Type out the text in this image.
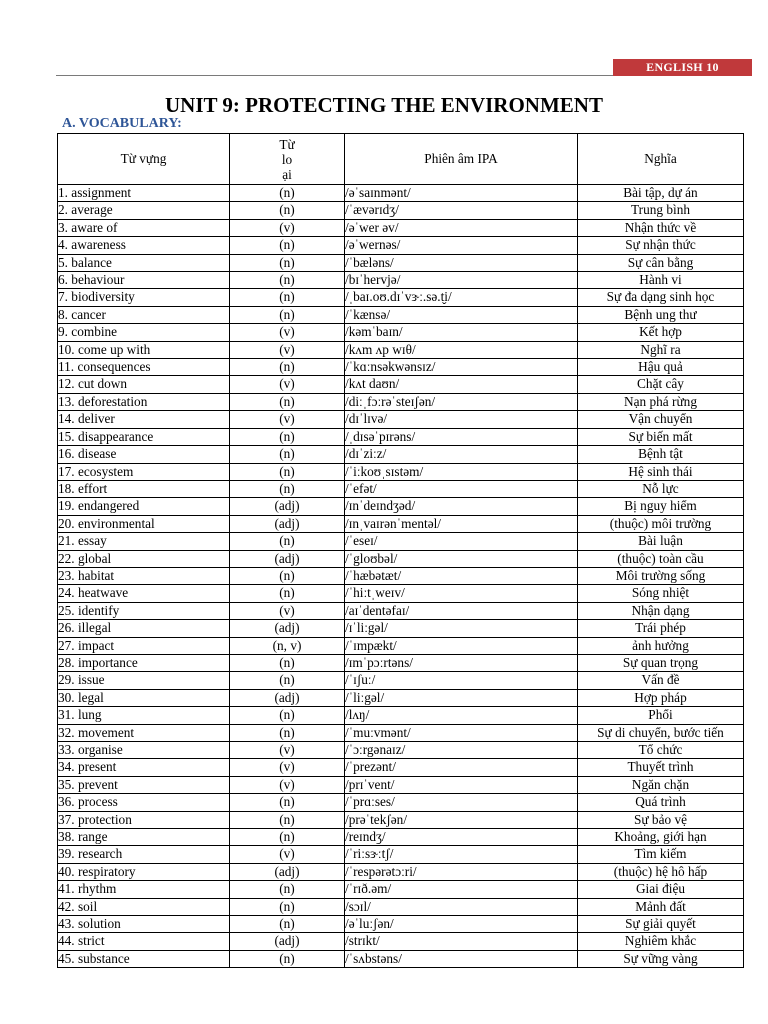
ENGLISH 10
UNIT 9: PROTECTING THE ENVIRONMENT
A. VOCABULARY:
Từ vựng	Từ
lo
ại	Phiên âm IPA	Nghĩa
1. assignment	(n)	/əˈsaɪnmənt/	Bài tập, dự án
2. average	(n)	/ˈævərɪdʒ/	Trung bình
3. aware of	(v)	/əˈwer əv/	Nhận thức về
4. awareness	(n)	/əˈwernəs/	Sự nhận thức
5. balance	(n)	/ˈbæləns/	Sự cân bằng
6. behaviour	(n)	/bɪˈhervjə/	Hành vi
7. biodiversity	(n)	/ˌbaɪ.oʊ.dɪˈvɝː.sə.t̬i/	Sự đa dạng sinh học
8. cancer	(n)	/ˈkænsə/	Bệnh ung thư
9. combine	(v)	/kəmˈbaɪn/	Kết hợp
10. come up with	(v)	/kʌm ʌp wɪθ/	Nghĩ ra
11. consequences	(n)	/ˈkɑːnsəkwənsɪz/	Hậu quả
12. cut down	(v)	/kʌt daʊn/	Chặt cây
13. deforestation	(n)	/diːˌfɔːrəˈsteɪʃən/	Nạn phá rừng
14. deliver	(v)	/dɪˈlɪvə/	Vận chuyển
15. disappearance	(n)	/ˌdɪsəˈpɪrəns/	Sự biến mất
16. disease	(n)	/dɪˈziːz/	Bệnh tật
17. ecosystem	(n)	/ˈiːkoʊˌsɪstəm/	Hệ sinh thái
18. effort	(n)	/ˈefət/	Nỗ lực
19. endangered	(adj)	/ɪnˈdeɪndʒəd/	Bị nguy hiểm
20. environmental	(adj)	/ɪnˌvaɪrənˈmentəl/	(thuộc) môi trường
21. essay	(n)	/ˈeseɪ/	Bài luận
22. global	(adj)	/ˈgloʊbəl/	(thuộc) toàn cầu
23. habitat	(n)	/ˈhæbətæt/	Môi trường sống
24. heatwave	(n)	/ˈhiːtˌweɪv/	Sóng nhiệt
25. identify	(v)	/aɪˈdentəfaɪ/	Nhận dạng
26. illegal	(adj)	/ɪˈliːgəl/	Trái phép
27. impact	(n, v)	/ˈɪmpækt/	ảnh hưởng
28. importance	(n)	/ɪmˈpɔːrtəns/	Sự quan trọng
29. issue	(n)	/ˈɪʃuː/	Vấn đề
30. legal	(adj)	/ˈliːgəl/	Hợp pháp
31. lung	(n)	/lʌŋ/	Phổi
32. movement	(n)	/ˈmuːvmənt/	Sự di chuyển, bước tiến
33. organise	(v)	/ˈɔːrgənaɪz/	Tổ chức
34. present	(v)	/ˈprezənt/	Thuyết trình
35. prevent	(v)	/prɪˈvent/	Ngăn chặn
36. process	(n)	/ˈprɑːses/	Quá trình
37. protection	(n)	/prəˈtekʃən/	Sự bảo vệ
38. range	(n)	/reɪndʒ/	Khoảng, giới hạn
39. research	(v)	/ˈriːsɝːtʃ/	Tìm kiếm
40. respiratory	(adj)	/ˈrespərətɔːri/	(thuộc) hệ hô hấp
41. rhythm	(n)	/ˈrɪð.əm/	Giai điệu
42. soil	(n)	/sɔɪl/	Mảnh đất
43. solution	(n)	/əˈluːʃən/	Sự giải quyết
44. strict	(adj)	/strɪkt/	Nghiêm khắc
45. substance	(n)	/ˈsʌbstəns/	Sự vững vàng
